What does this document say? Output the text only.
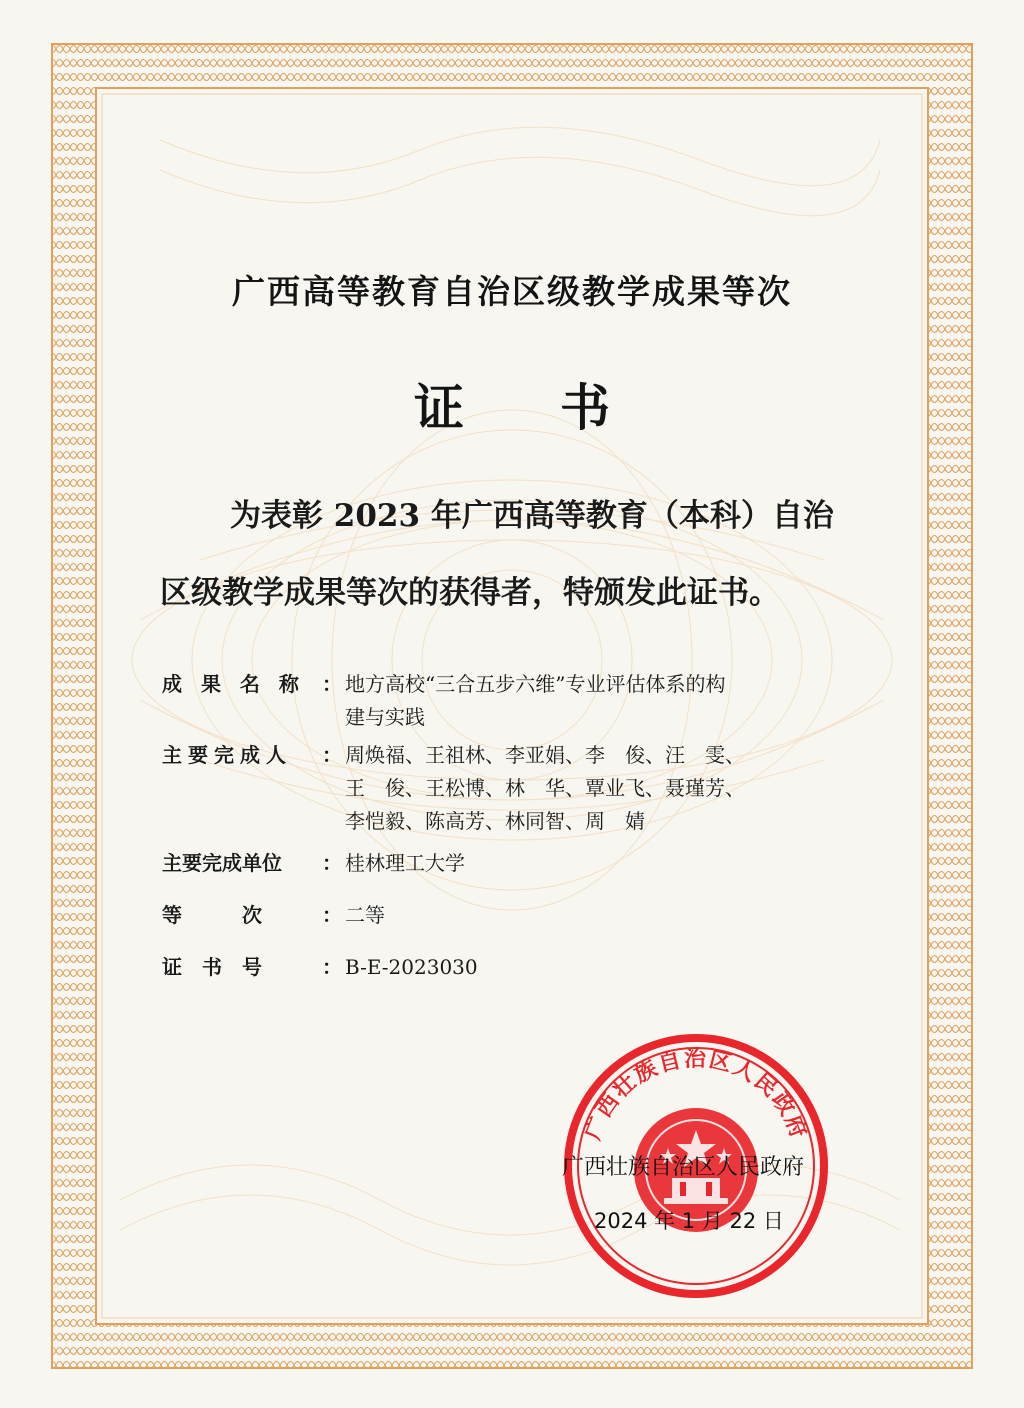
广西高等教育自治区级教学成果等次
证 书
为表彰 2023 年广西高等教育（本科）自治
区级教学成果等次的获得者，特颁发此证书。
成 果 名 称 ： 地方高校“三合五步六维”专业评估体系的构
建与实践
主要完成人 ： 周焕福、王祖林、李亚娟、李　俊、汪　雯、
王　俊、王松博、林　华、覃业飞、聂瑾芳、
李恺毅、陈高芳、林同智、周　婧
主要完成单位 ： 桂林理工大学
等　　　次	： 二等
证　书　号	： B-E-2023030
广西壮族自治区人民政府
广西壮族自治区人民政府
2024 年 1 月 22 日
